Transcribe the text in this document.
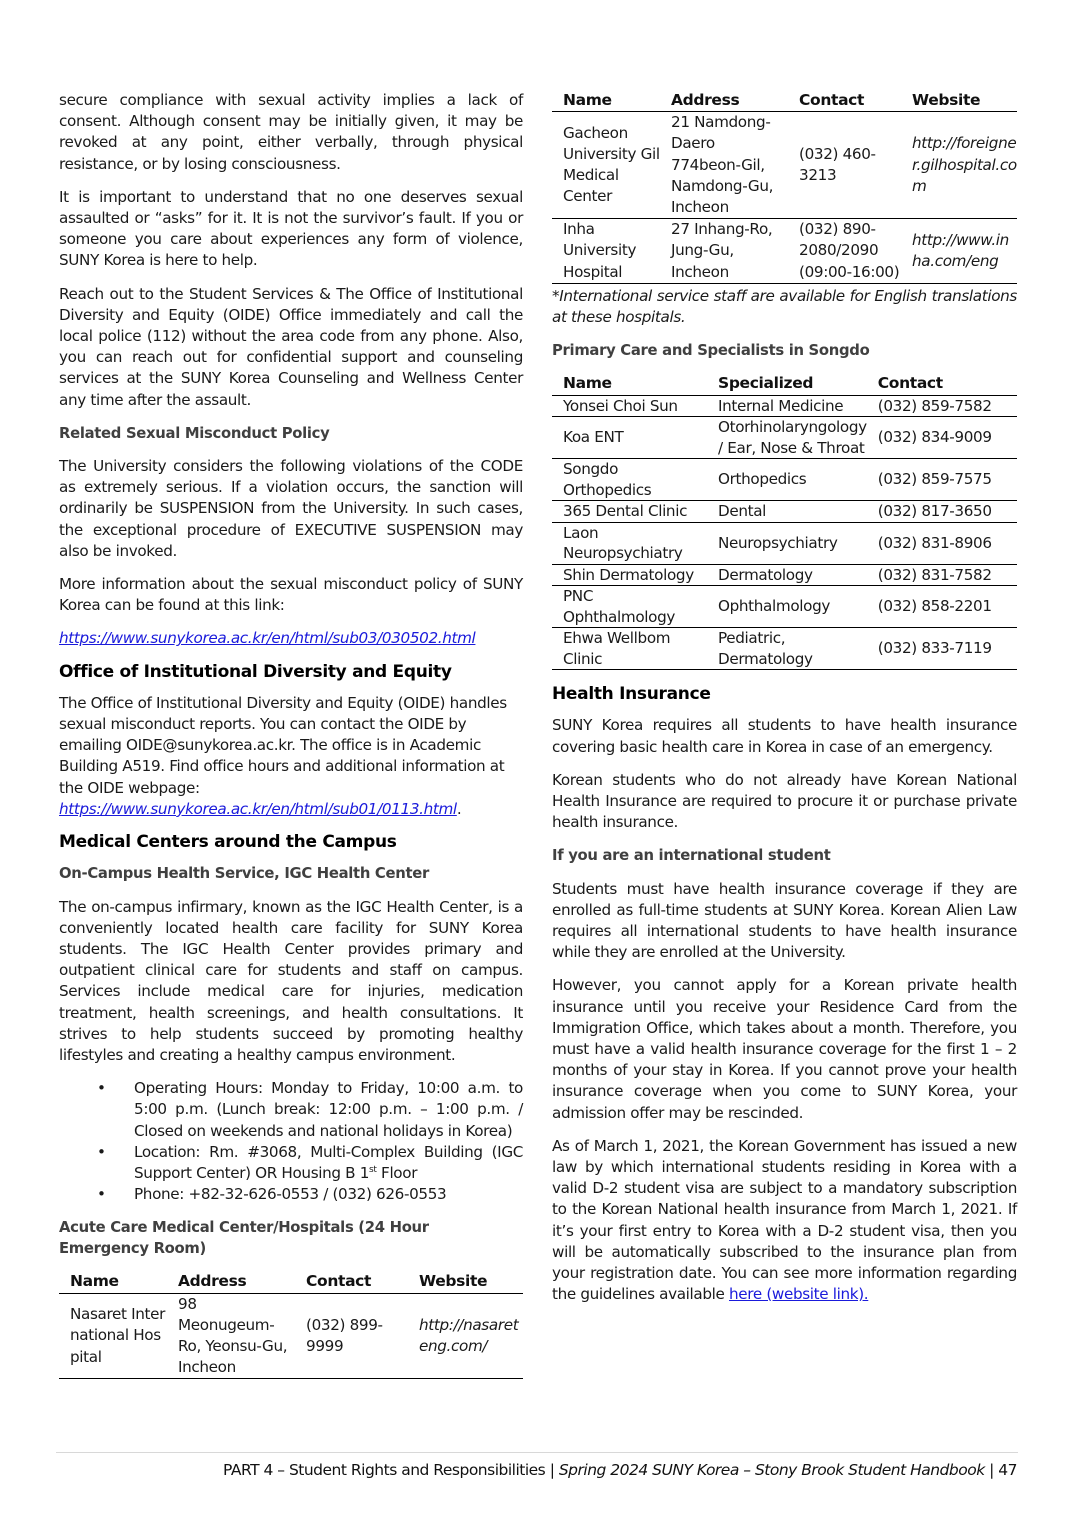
secure compliance with sexual activity implies a lack of consent. Although consent may be initially given, it may be revoked at any point, either verbally, through physical resistance, or by losing consciousness.

It is important to understand that no one deserves sexual assaulted or “asks” for it. It is not the survivor’s fault. If you or someone you care about experiences any form of violence, SUNY Korea is here to help.

Reach out to the Student Services & The Office of Institutional Diversity and Equity (OIDE) Office immediately and call the local police (112) without the area code from any phone. Also, you can reach out for confidential support and counseling services at the SUNY Korea Counseling and Wellness Center any time after the assault.

Related Sexual Misconduct Policy

The University considers the following violations of the CODE as extremely serious. If a violation occurs, the sanction will ordinarily be SUSPENSION from the University. In such cases, the exceptional procedure of EXECUTIVE SUSPENSION may also be invoked.

More information about the sexual misconduct policy of SUNY Korea can be found at this link:

https://www.sunykorea.ac.kr/en/html/sub03/030502.html

Office of Institutional Diversity and Equity

The Office of Institutional Diversity and Equity (OIDE) handles sexual misconduct reports. You can contact the OIDE by emailing OIDE@sunykorea.ac.kr. The office is in Academic Building A519. Find office hours and additional information at the OIDE webpage:
https://www.sunykorea.ac.kr/en/html/sub01/0113.html.

Medical Centers around the Campus
On-Campus Health Service, IGC Health Center

The on-campus infirmary, known as the IGC Health Center, is a conveniently located health care facility for SUNY Korea students. The IGC Health Center provides primary and outpatient clinical care for students and staff on campus. Services include medical care for injuries, medication treatment, health screenings, and health consultations. It strives to help students succeed by promoting healthy lifestyles and creating a healthy campus environment.

• Operating Hours: Monday to Friday, 10:00 a.m. to 5:00 p.m. (Lunch break: 12:00 p.m. – 1:00 p.m. / Closed on weekends and national holidays in Korea)
• Location: Rm. #3068, Multi-Complex Building (IGC Support Center) OR Housing B 1st Floor
• Phone: +82-32-626-0553 / (032) 626-0553
Acute Care Medical Center/Hospitals (24 Hour Emergency Room)
Name	Address	Contact	Website
Nasaret International Hospital	98 Meonugeum-Ro, Yeonsu-Gu, Incheon	(032) 899-9999	http://nasareteng.com/
Name	Address	Contact	Website
Gacheon University Gil Medical Center	21 Namdong-Daero 774beon-Gil, Namdong-Gu, Incheon	(032) 460-3213	http://foreigner.gilhospital.com
Inha University Hospital	27 Inhang-Ro, Jung-Gu, Incheon	(032) 890-2080/2090 (09:00-16:00)	http://www.inha.com/eng

*International service staff are available for English translations at these hospitals.

Primary Care and Specialists in Songdo
Name	Specialized	Contact
Yonsei Choi Sun	Internal Medicine	(032) 859-7582
Koa ENT	Otorhinolaryngology / Ear, Nose & Throat	(032) 834-9009
Songdo Orthopedics	Orthopedics	(032) 859-7575
365 Dental Clinic	Dental	(032) 817-3650
Laon Neuropsychiatry	Neuropsychiatry	(032) 831-8906
Shin Dermatology	Dermatology	(032) 831-7582
PNC Ophthalmology	Ophthalmology	(032) 858-2201
Ehwa Wellbom Clinic	Pediatric, Dermatology	(032) 833-7119
Health Insurance

SUNY Korea requires all students to have health insurance covering basic health care in Korea in case of an emergency.

Korean students who do not already have Korean National Health Insurance are required to procure it or purchase private health insurance.

If you are an international student

Students must have health insurance coverage if they are enrolled as full-time students at SUNY Korea. Korean Alien Law requires all international students to have health insurance while they are enrolled at the University.

However, you cannot apply for a Korean private health insurance until you receive your Residence Card from the Immigration Office, which takes about a month. Therefore, you must have a valid health insurance coverage for the first 1 – 2 months of your stay in Korea. If you cannot prove your health insurance coverage when you come to SUNY Korea, your admission offer may be rescinded.

As of March 1, 2021, the Korean Government has issued a new law by which international students residing in Korea with a valid D-2 student visa are subject to a mandatory subscription to the Korean National health insurance from March 1, 2021. If it’s your first entry to Korea with a D-2 student visa, then you will be automatically subscribed to the insurance plan from your registration date. You can see more information regarding the guidelines available here (website link).

PART 4 – Student Rights and Responsibilities | Spring 2024 SUNY Korea – Stony Brook Student Handbook | 47
